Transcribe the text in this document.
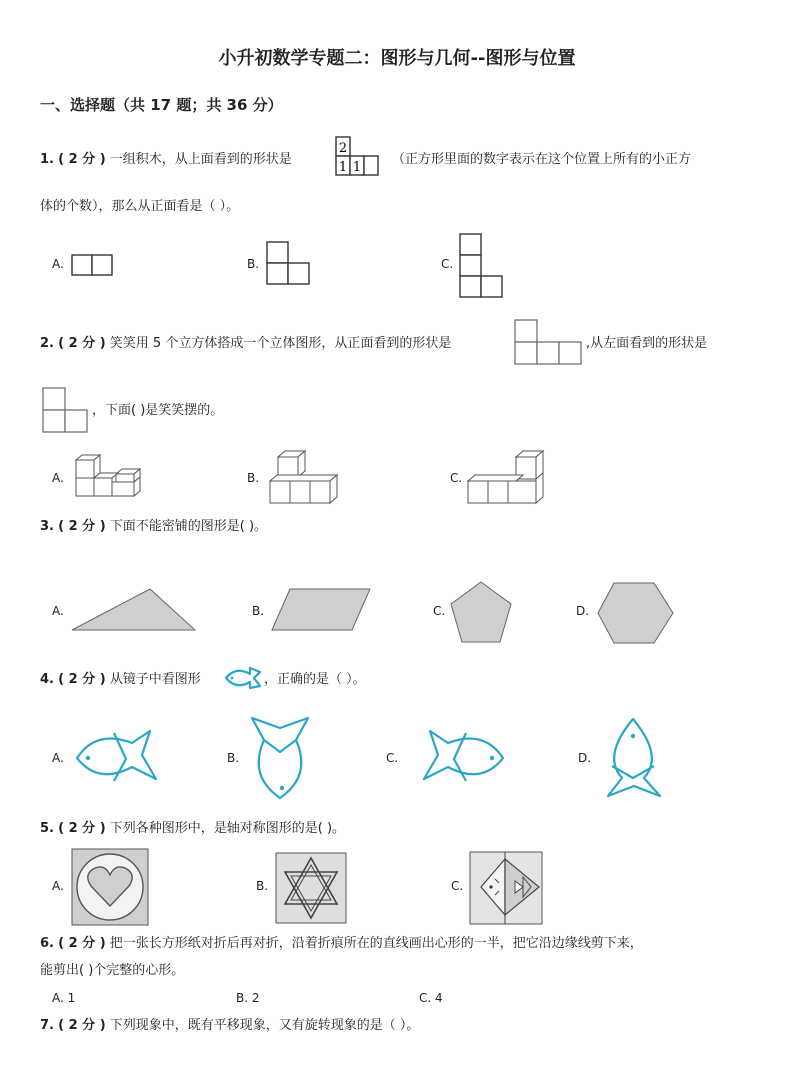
小升初数学专题二：图形与几何--图形与位置
一、选择题（共 17 题；共 36 分）
1. ( 2 分 ) 一组积木，从上面看到的形状是
2
1 1
（正方形里面的数字表示在这个位置上所有的小正方
体的个数），那么从正面看是（ ）。
A.	B.	C.
2. ( 2 分 ) 笑笑用 5 个立方体搭成一个立体图形，从正面看到的形状是	,从左面看到的形状是
，下面( )是笑笑摆的。
A.	B.	C.
3. ( 2 分 ) 下面不能密铺的图形是( )。
A.	B.	C.	D.
4. ( 2 分 ) 从镜子中看图形	，正确的是（ ）。
A.	B.	C.	D.
5. ( 2 分 ) 下列各种图形中，是轴对称图形的是( )。
A.	B.	C.
6. ( 2 分 ) 把一张长方形纸对折后再对折，沿着折痕所在的直线画出心形的一半，把它沿边缘线剪下来，
能剪出( )个完整的心形。
A. 1	B. 2	C. 4
7. ( 2 分 ) 下列现象中，既有平移现象，又有旋转现象的是（ ）。
